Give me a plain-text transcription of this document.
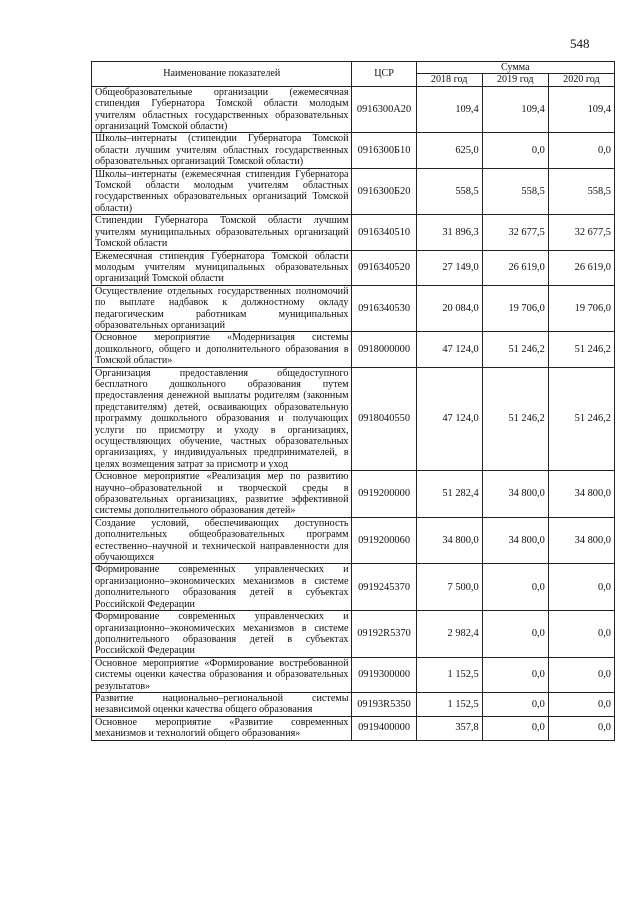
548
Наименование показателей	ЦСР	Сумма		
		2018 год	2019 год	2020 год
Общеобразовательные организации (ежемесячная стипендия Губернатора Томской области молодым учителям областных государственных образовательных организаций Томской области)	0916300А20	109,4	109,4	109,4
Школы–интернаты (стипендии Губернатора Томской области лучшим учителям областных государственных образовательных организаций Томской области)	0916300Б10	625,0	0,0	0,0
Школы–интернаты (ежемесячная стипендия Губернатора Томской области молодым учителям областных государственных образовательных организаций Томской области)	0916300Б20	558,5	558,5	558,5
Стипендии Губернатора Томской области лучшим учителям муниципальных образовательных организаций Томской области	0916340510	31 896,3	32 677,5	32 677,5
Ежемесячная стипендия Губернатора Томской области молодым учителям муниципальных образовательных организаций Томской области	0916340520	27 149,0	26 619,0	26 619,0
Осуществление отдельных государственных полномочий по выплате надбавок к должностному окладу педагогическим работникам муниципальных образовательных организаций	0916340530	20 084,0	19 706,0	19 706,0
Основное мероприятие «Модернизация системы дошкольного, общего и дополнительного образования в Томской области»	0918000000	47 124,0	51 246,2	51 246,2
Организация предоставления общедоступного бесплатного дошкольного образования путем предоставления денежной выплаты родителям (законным представителям) детей, осваивающих образовательную программу дошкольного образования и получающих услуги по присмотру и уходу в организациях, осуществляющих обучение, частных образовательных организациях, у индивидуальных предпринимателей, в целях возмещения затрат за присмотр и уход	0918040550	47 124,0	51 246,2	51 246,2
Основное мероприятие «Реализация мер по развитию научно–образовательной и творческой среды в образовательных организациях, развитие эффективной системы дополнительного образования детей»	0919200000	51 282,4	34 800,0	34 800,0
Создание условий, обеспечивающих доступность дополнительных общеобразовательных программ естественно–научной и технической направленности для обучающихся	0919200060	34 800,0	34 800,0	34 800,0
Формирование современных управленческих и организационно–экономических механизмов в системе дополнительного образования детей в субъектах Российской Федерации	0919245370	7 500,0	0,0	0,0
Формирование современных управленческих и организационно–экономических механизмов в системе дополнительного образования детей в субъектах Российской Федерации	09192R5370	2 982,4	0,0	0,0
Основное мероприятие «Формирование востребованной системы оценки качества образования и образовательных результатов»	0919300000	1 152,5	0,0	0,0
Развитие национально–региональной системы независимой оценки качества общего образования	09193R5350	1 152,5	0,0	0,0
Основное мероприятие «Развитие современных механизмов и технологий общего образования»	0919400000	357,8	0,0	0,0
